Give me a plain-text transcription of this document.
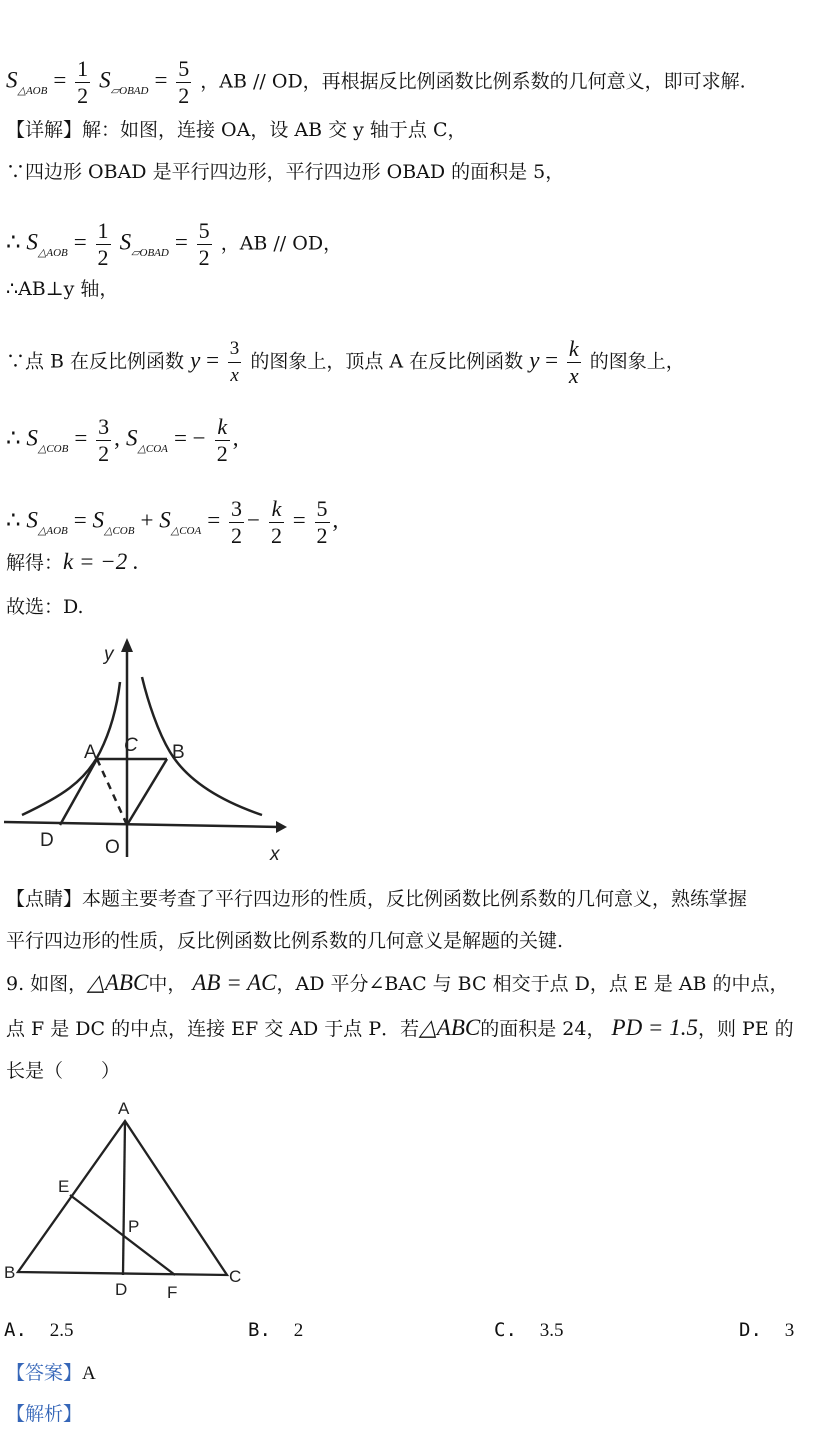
$S_{\triangle AOB} = \frac{1}{2} S_{▱OBAD} = \frac{5}{2}$ ，AB // OD，再根据反比例函数比例系数的几何意义，即可求解.
【详解】解：如图，连接 OA，设 AB 交 y 轴于点 C，
∵四边形 OBAD 是平行四边形，平行四边形 OBAD 的面积是 5，
∴ $S_{\triangle AOB} = \frac{1}{2} S_{▱OBAD} = \frac{5}{2}$ ，AB // OD，
∴AB⊥y 轴，
∵点 B 在反比例函数 $y = \frac{3}{x}$ 的图象上，顶点 A 在反比例函数 $y = \frac{k}{x}$ 的图象上，
∴ $S_{\triangle COB} = \frac{3}{2}$ , $S_{\triangle COA}$ = − $\frac{k}{2}$ ,
∴ $S_{\triangle AOB} = S_{\triangle COB} + S_{\triangle COA} = \frac{3}{2} - \frac{k}{2} = \frac{5}{2}$ ,
解得：k = −2 .
故选：D.
y
x
A C B
D	O
【点睛】本题主要考查了平行四边形的性质，反比例函数比例系数的几何意义，熟练掌握
平行四边形的性质，反比例函数比例系数的几何意义是解题的关键.
9. 如图，△ABC中， AB = AC，AD 平分∠BAC 与 BC 相交于点 D，点 E 是 AB 的中点，
点 F 是 DC 的中点，连接 EF 交 AD 于点 P．若△ABC的面积是 24， PD = 1.5，则 PE 的
长是（　　）
A
E
P
B
D F
C
A. 2.5	B. 2	C. 3.5	D. 3
【答案】A
【解析】
